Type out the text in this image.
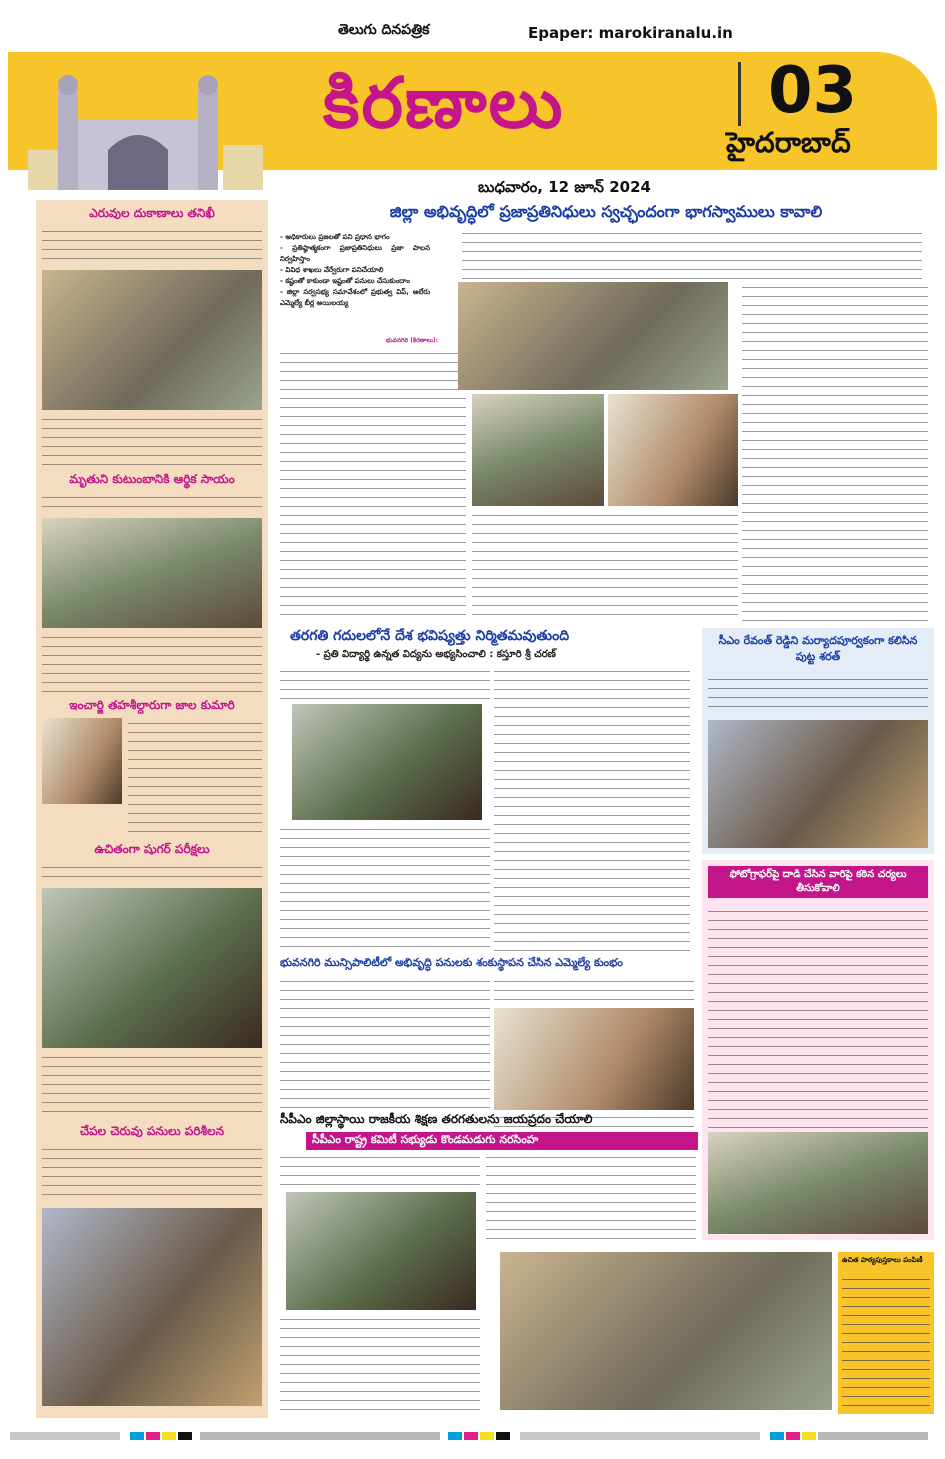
తెలుగు దినపత్రిక
కిరణాలు
Epaper: marokiranalu.in
03
హైదరాబాద్
బుధవారం, 12 జూన్ 2024
ఎరువుల దుకాణాలు తనిఖీ
మృతుని కుటుంబానికి ఆర్థిక సాయం
ఇంచార్జి తహశీల్దారుగా జాల కుమారి
ఉచితంగా షుగర్ పరీక్షలు
చేపల చెరువు పనులు పరిశీలన
జిల్లా అభివృద్ధిలో ప్రజాప్రతినిధులు స్వచ్ఛందంగా భాగస్వాములు కావాలి
- అధికారులు ప్రజలతో పని ప్రధాన భాగం
- ప్రతిష్ఠాత్మకంగా ప్రజాప్రతినిధులు ప్రజా పాలన నిర్వహిస్తాం
- వివిధ శాఖలు వేర్వేరుగా పనిచేయాలి
- కష్టంతో కాకుండా ఇష్టంతో పనులు చేసుకుందాం
- జిల్లా సర్వసభ్య సమావేశంలో ప్రభుత్వ విప్, ఆలేరు ఎమ్మెల్యే బీర్ల అయిలయ్య
భువనగిరి (కిరణాలు):
తరగతి గదులలోనే దేశ భవిష్యత్తు నిర్మితమవుతుంది
- ప్రతి విద్యార్థి ఉన్నత విద్యను అభ్యసించాలి : కస్తూరి శ్రీ చరణ్
సీఎం రేవంత్ రెడ్డిని మర్యాదపూర్వకంగా కలిసిన పుట్ట శరత్
ఫోటోగ్రాఫర్‌పై దాడి చేసిన వారిపై కఠిన చర్యలు తీసుకోవాలి
భువనగిరి మున్సిపాలిటీలో అభివృద్ధి పనులకు శంకుస్థాపన చేసిన ఎమ్మెల్యే కుంభం
సీపీఎం జిల్లాస్థాయి రాజకీయ శిక్షణ తరగతులను జయప్రదం చేయాలి
సీపీఎం రాష్ట్ర కమిటీ సభ్యుడు కొండమడుగు నరసింహ
ఉచిత పాఠ్యపుస్తకాలు పంపిణీ
